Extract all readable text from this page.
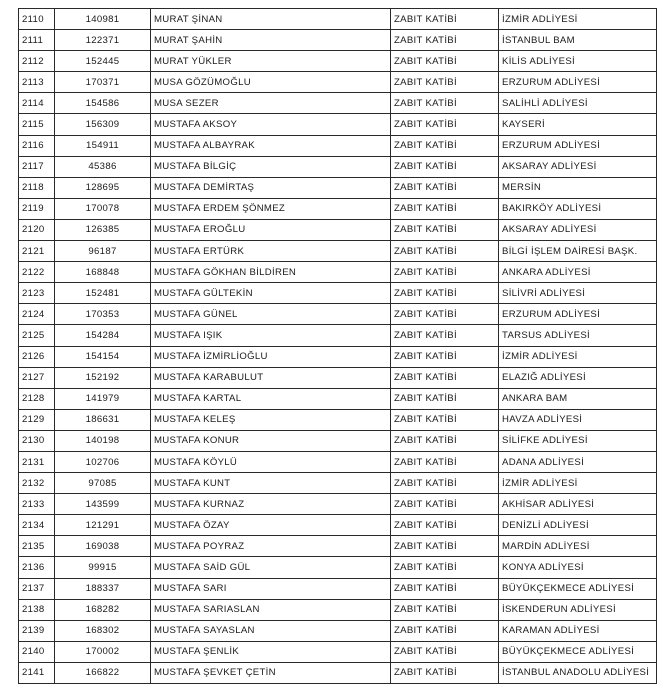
2110	140981	MURAT ŞİNAN	ZABIT KATİBİ	İZMİR ADLİYESİ
2111	122371	MURAT ŞAHİN	ZABIT KATİBİ	İSTANBUL BAM
2112	152445	MURAT YÜKLER	ZABIT KATİBİ	KİLİS ADLİYESİ
2113	170371	MUSA GÖZÜMOĞLU	ZABIT KATİBİ	ERZURUM ADLİYESİ
2114	154586	MUSA SEZER	ZABIT KATİBİ	SALİHLİ ADLİYESİ
2115	156309	MUSTAFA AKSOY	ZABIT KATİBİ	KAYSERİ
2116	154911	MUSTAFA ALBAYRAK	ZABIT KATİBİ	ERZURUM ADLİYESİ
2117	45386	MUSTAFA BİLGİÇ	ZABIT KATİBİ	AKSARAY ADLİYESİ
2118	128695	MUSTAFA DEMİRTAŞ	ZABIT KATİBİ	MERSİN
2119	170078	MUSTAFA ERDEM ŞÖNMEZ	ZABIT KATİBİ	BAKIRKÖY ADLİYESİ
2120	126385	MUSTAFA EROĞLU	ZABIT KATİBİ	AKSARAY ADLİYESİ
2121	96187	MUSTAFA ERTÜRK	ZABIT KATİBİ	BİLGİ İŞLEM DAİRESİ BAŞK.
2122	168848	MUSTAFA GÖKHAN BİLDİREN	ZABIT KATİBİ	ANKARA ADLİYESİ
2123	152481	MUSTAFA GÜLTEKİN	ZABIT KATİBİ	SİLİVRİ ADLİYESİ
2124	170353	MUSTAFA GÜNEL	ZABIT KATİBİ	ERZURUM ADLİYESİ
2125	154284	MUSTAFA IŞIK	ZABIT KATİBİ	TARSUS ADLİYESİ
2126	154154	MUSTAFA İZMİRLİOĞLU	ZABIT KATİBİ	İZMİR ADLİYESİ
2127	152192	MUSTAFA KARABULUT	ZABIT KATİBİ	ELAZIĞ ADLİYESİ
2128	141979	MUSTAFA KARTAL	ZABIT KATİBİ	ANKARA BAM
2129	186631	MUSTAFA KELEŞ	ZABIT KATİBİ	HAVZA ADLİYESİ
2130	140198	MUSTAFA KONUR	ZABIT KATİBİ	SİLİFKE ADLİYESİ
2131	102706	MUSTAFA KÖYLÜ	ZABIT KATİBİ	ADANA ADLİYESİ
2132	97085	MUSTAFA KUNT	ZABIT KATİBİ	İZMİR ADLİYESİ
2133	143599	MUSTAFA KURNAZ	ZABIT KATİBİ	AKHİSAR ADLİYESİ
2134	121291	MUSTAFA ÖZAY	ZABIT KATİBİ	DENİZLİ ADLİYESİ
2135	169038	MUSTAFA POYRAZ	ZABIT KATİBİ	MARDİN ADLİYESİ
2136	99915	MUSTAFA SAİD GÜL	ZABIT KATİBİ	KONYA ADLİYESİ
2137	188337	MUSTAFA SARI	ZABIT KATİBİ	BÜYÜKÇEKMECE ADLİYESİ
2138	168282	MUSTAFA SARIASLAN	ZABIT KATİBİ	İSKENDERUN ADLİYESİ
2139	168302	MUSTAFA SAYASLAN	ZABIT KATİBİ	KARAMAN ADLİYESİ
2140	170002	MUSTAFA ŞENLİK	ZABIT KATİBİ	BÜYÜKÇEKMECE ADLİYESİ
2141	166822	MUSTAFA ŞEVKET ÇETİN	ZABIT KATİBİ	İSTANBUL ANADOLU ADLİYESİ
